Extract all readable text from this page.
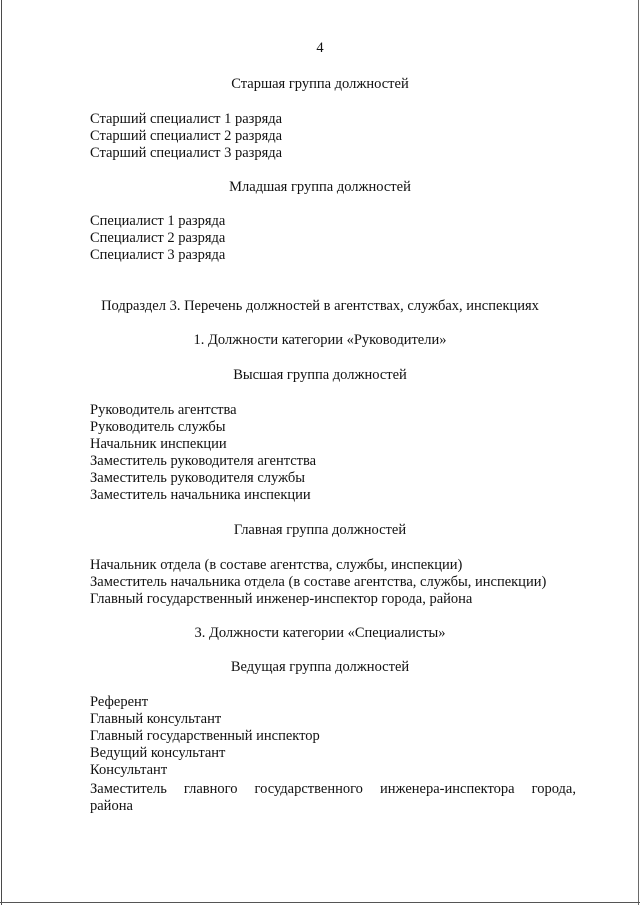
4
Старшая группа должностей
Старший специалист 1 разряда
Старший специалист 2 разряда
Старший специалист 3 разряда
Младшая группа должностей
Специалист 1 разряда
Специалист 2 разряда
Специалист 3 разряда
Подраздел 3. Перечень должностей в агентствах, службах, инспекциях
1. Должности категории «Руководители»
Высшая группа должностей
Руководитель агентства
Руководитель службы
Начальник инспекции
Заместитель руководителя агентства
Заместитель руководителя службы
Заместитель начальника инспекции
Главная группа должностей
Начальник отдела (в составе агентства, службы, инспекции)
Заместитель начальника отдела (в составе агентства, службы, инспекции)
Главный государственный инженер-инспектор города, района
3. Должности категории «Специалисты»
Ведущая группа должностей
Референт
Главный консультант
Главный государственный инспектор
Ведущий консультант
Консультант
Заместитель главного государственного инженера-инспектора города,
района
